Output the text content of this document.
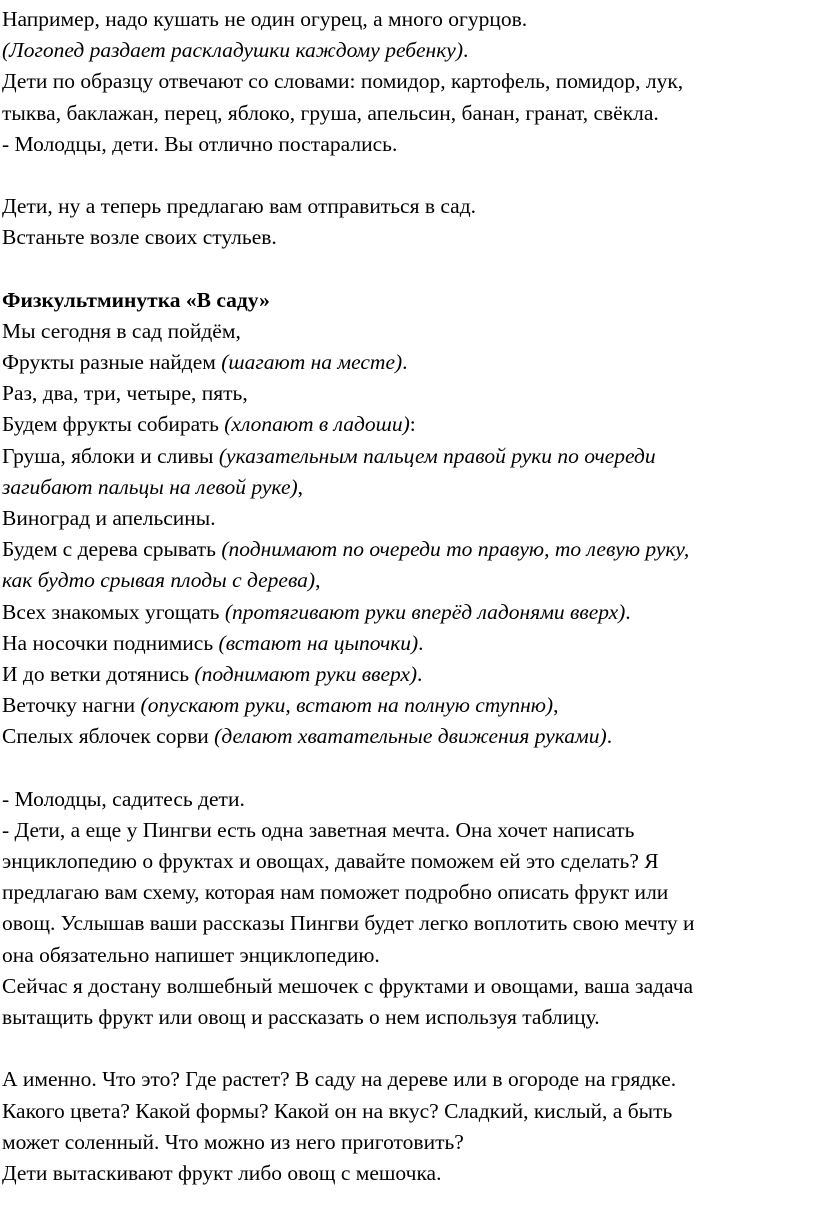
Например, надо кушать не один огурец, а много огурцов.
(Логопед раздает раскладушки каждому ребенку).
Дети по образцу отвечают со словами: помидор, картофель, помидор, лук,
тыква, баклажан, перец, яблоко, груша, апельсин, банан, гранат, свёкла.
- Молодцы, дети. Вы отлично постарались.
Дети, ну а теперь предлагаю вам отправиться в сад.
Встаньте возле своих стульев.
Физкультминутка «В саду»
Мы сегодня в сад пойдём,
Фрукты разные найдем (шагают на месте).
Раз, два, три, четыре, пять,
Будем фрукты собирать (хлопают в ладоши):
Груша, яблоки и сливы (указательным пальцем правой руки по очереди
загибают пальцы на левой руке),
Виноград и апельсины.
Будем с дерева срывать (поднимают по очереди то правую, то левую руку,
как будто срывая плоды с дерева),
Всех знакомых угощать (протягивают руки вперёд ладонями вверх).
На носочки поднимись (встают на цыпочки).
И до ветки дотянись (поднимают руки вверх).
Веточку нагни (опускают руки, встают на полную ступню),
Спелых яблочек сорви (делают хватательные движения руками).
- Молодцы, садитесь дети.
- Дети, а еще у Пингви есть одна заветная мечта. Она хочет написать
энциклопедию о фруктах и овощах, давайте поможем ей это сделать? Я
предлагаю вам схему, которая нам поможет подробно описать фрукт или
овощ. Услышав ваши рассказы Пингви будет легко воплотить свою мечту и
она обязательно напишет энциклопедию.
Сейчас я достану волшебный мешочек с фруктами и овощами, ваша задача
вытащить фрукт или овощ и рассказать о нем используя таблицу.
А именно. Что это? Где растет? В саду на дереве или в огороде на грядке.
Какого цвета? Какой формы? Какой он на вкус? Сладкий, кислый, а быть
может соленный. Что можно из него приготовить?
Дети вытаскивают фрукт либо овощ с мешочка.
